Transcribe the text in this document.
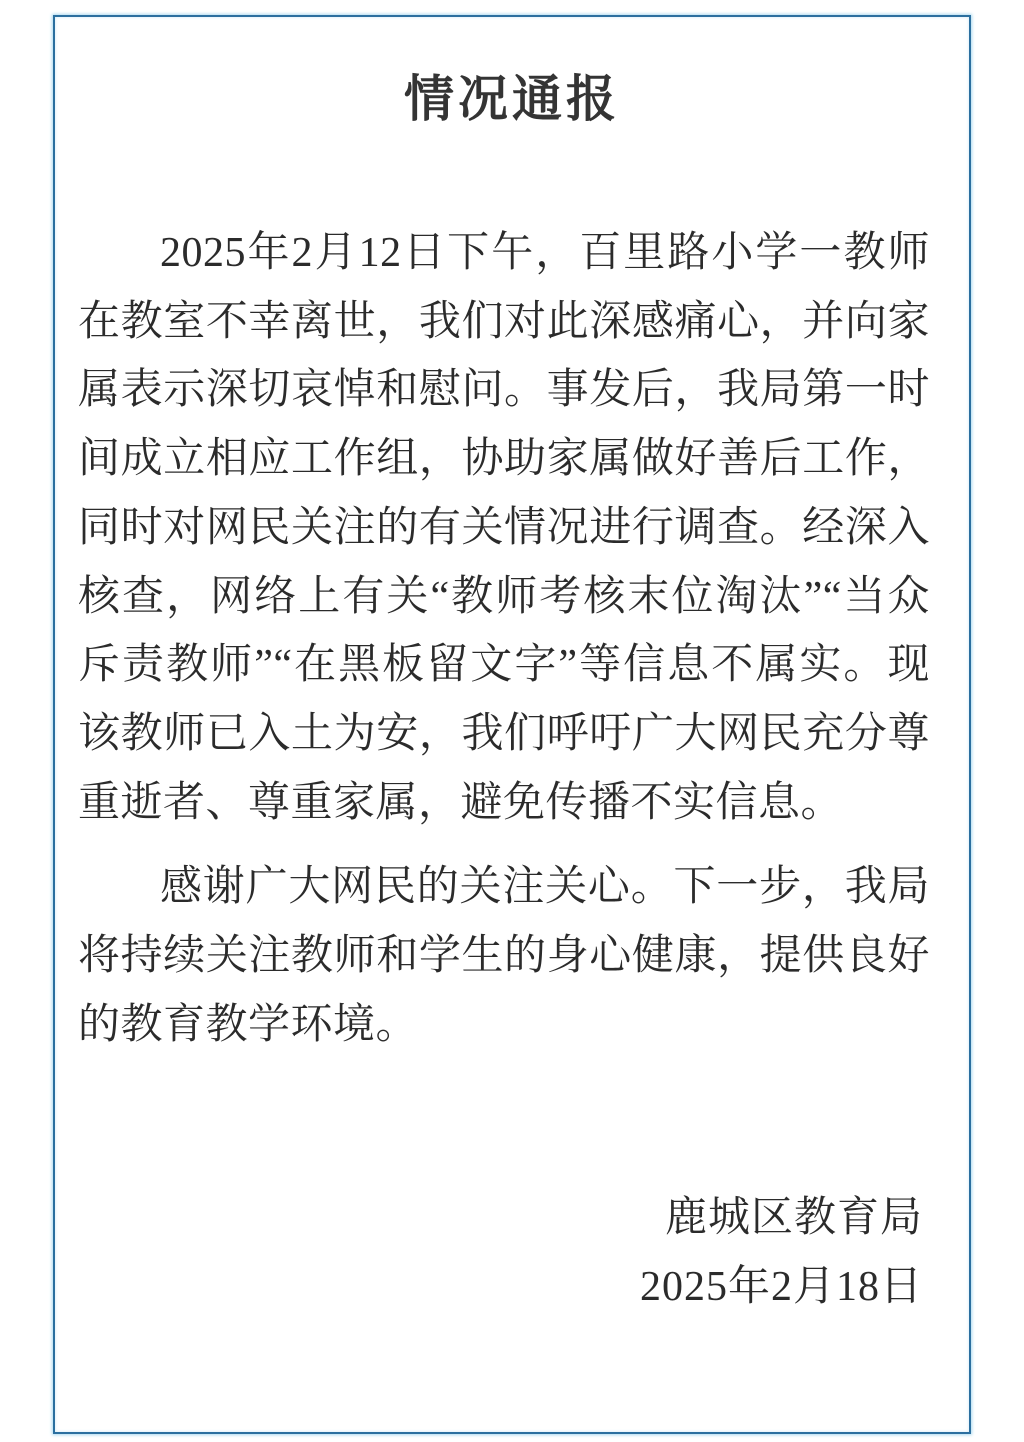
情况通报

2025年2月12日下午，百里路小学一教师

在教室不幸离世，我们对此深感痛心，并向家

属表示深切哀悼和慰问。事发后，我局第一时

间成立相应工作组，协助家属做好善后工作，

同时对网民关注的有关情况进行调查。经深入

核查，网络上有关“教师考核末位淘汰”“当众

斥责教师”“在黑板留文字”等信息不属实。现

该教师已入土为安，我们呼吁广大网民充分尊

重逝者、尊重家属，避免传播不实信息。

感谢广大网民的关注关心。下一步，我局

将持续关注教师和学生的身心健康，提供良好

的教育教学环境。

鹿城区教育局
2025年2月18日
